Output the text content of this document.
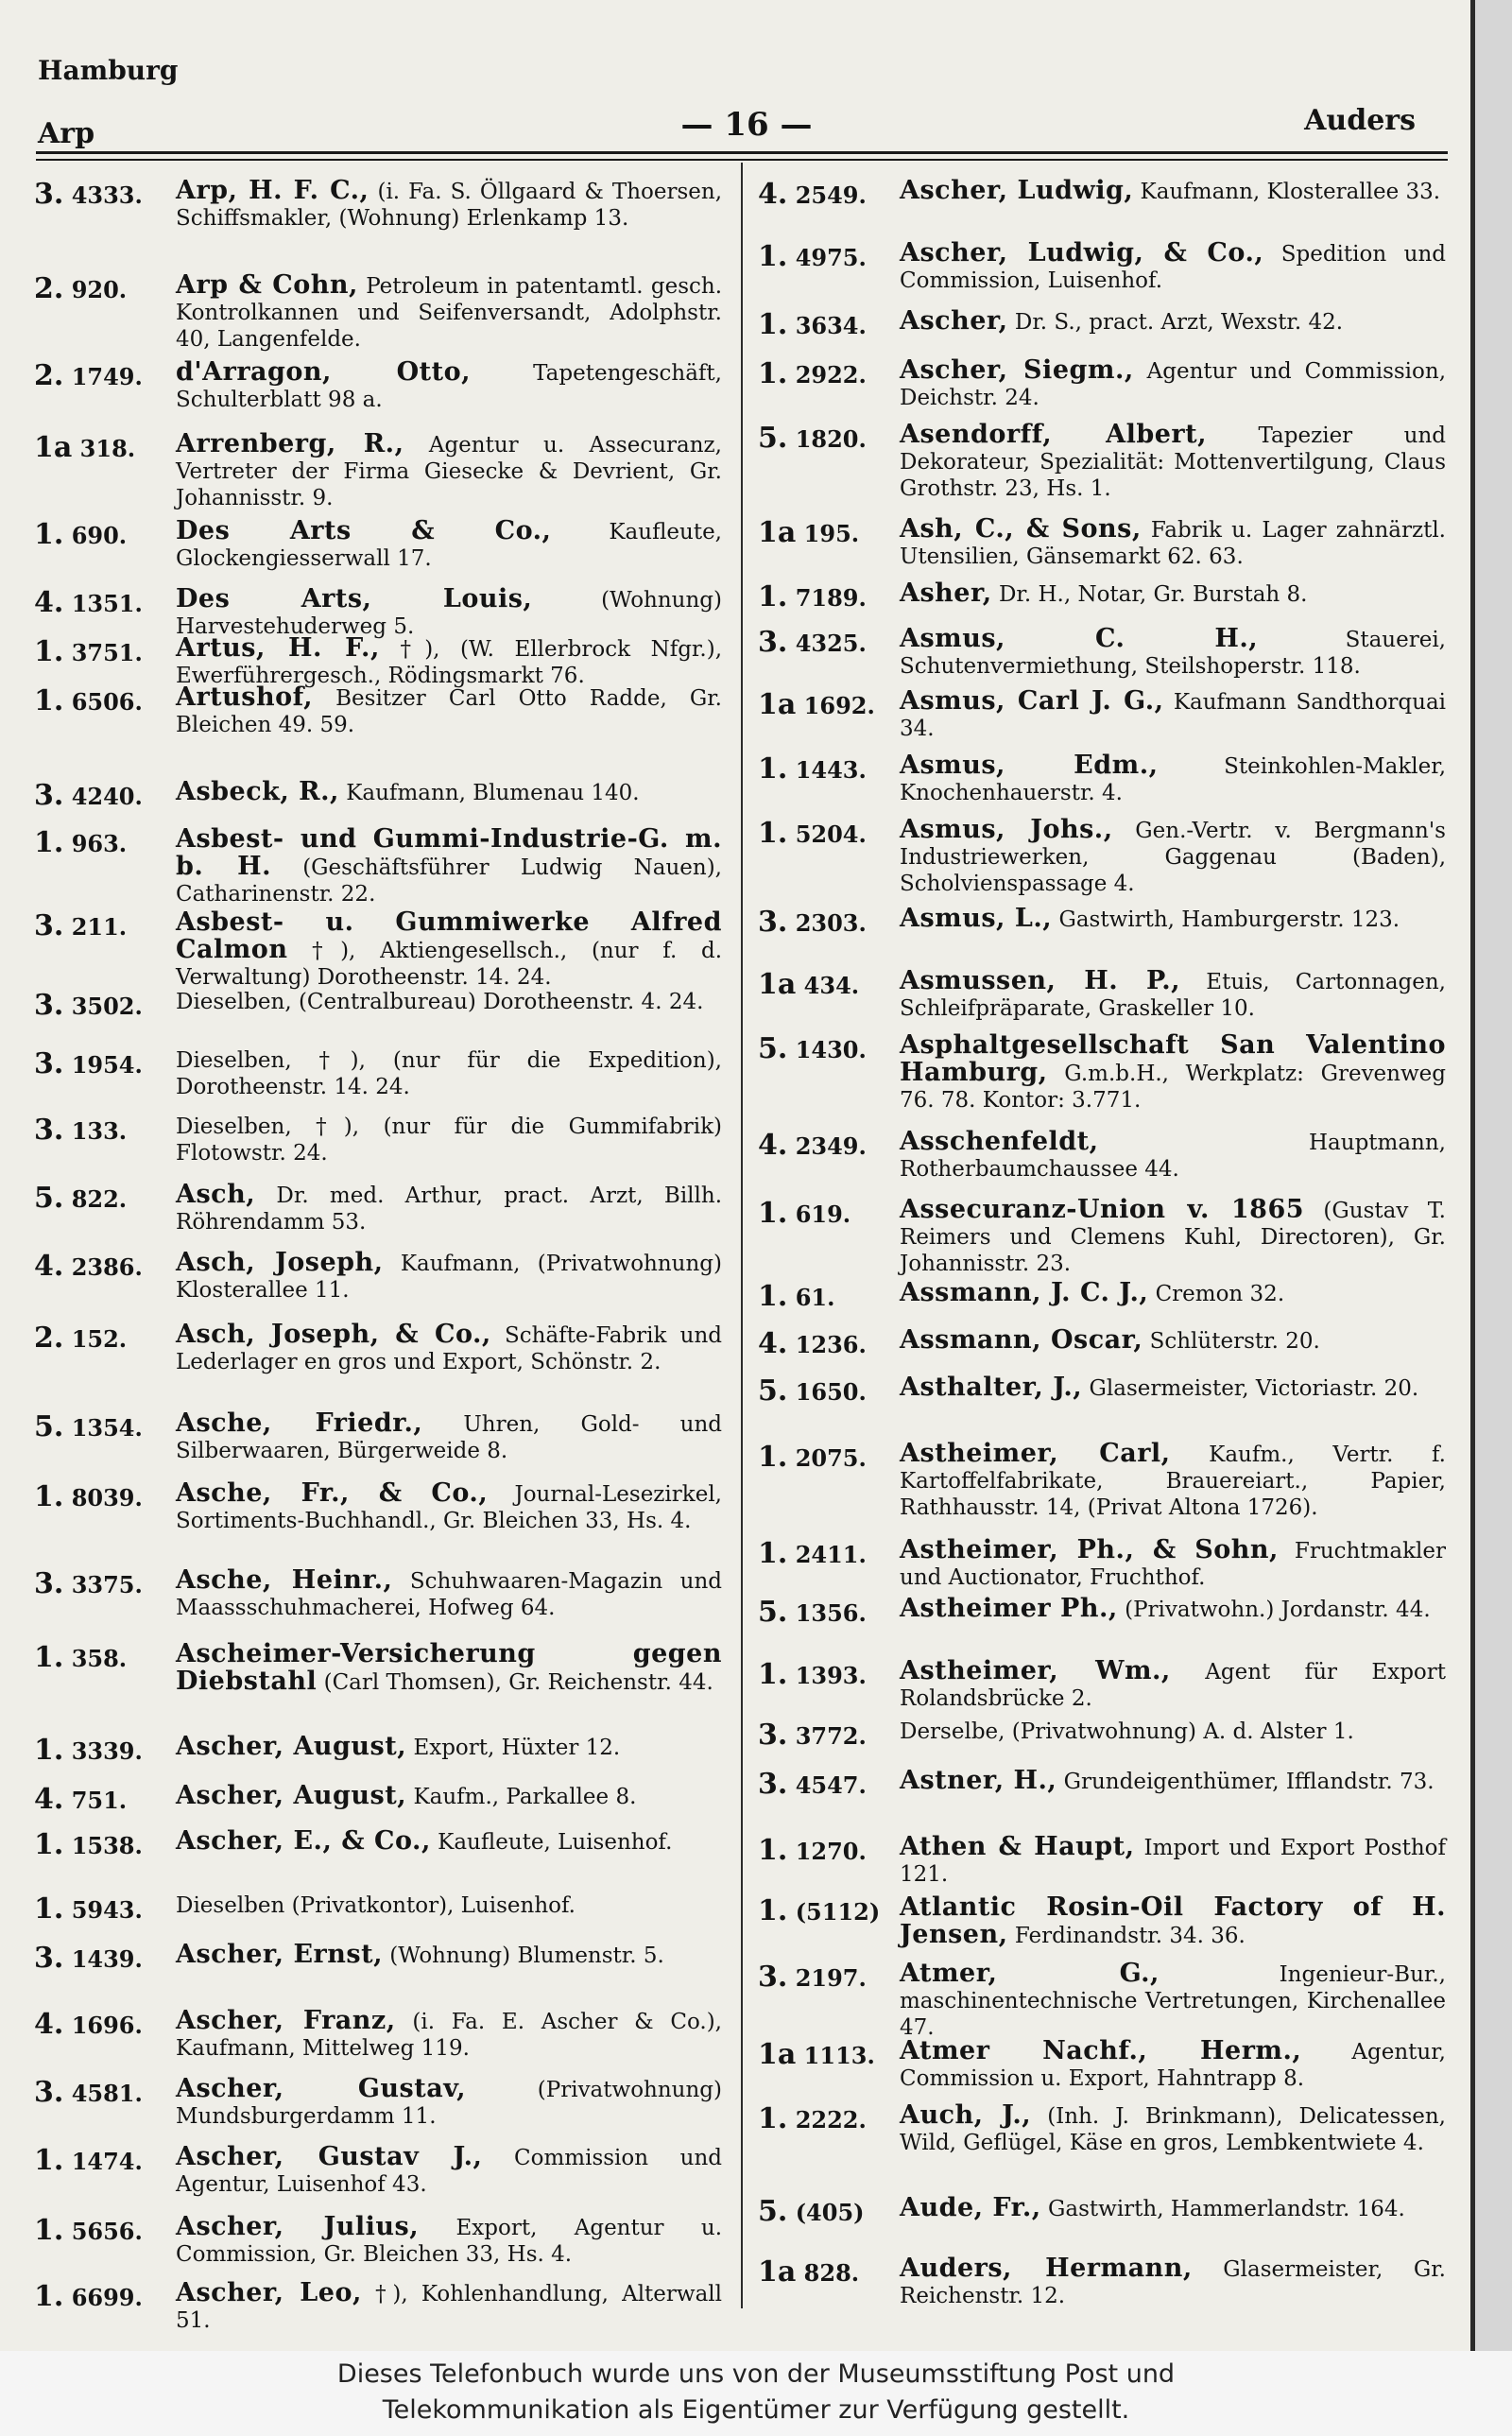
Hamburg
Arp	— 16 —	Auders
3. 4333.	Arp, H. F. C., (i. Fa. S. Öllgaard & Thoersen, Schiffsmakler, (Wohnung) Erlenkamp 13.
2. 920.	Arp & Cohn, Petroleum in patentamtl. gesch. Kontrolkannen und Seifenversandt, Adolphstr. 40, Langenfelde.
2. 1749.	d'Arragon, Otto,	Tapetengeschäft, Schulterblatt 98 a.
1a 318.	Arrenberg, R., Agentur u. Assecuranz, Vertreter der Firma Giesecke & Devrient, Gr. Johannisstr. 9.
1. 690.	Des Arts & Co.,	Kaufleute, Glockengiesserwall 17.
4. 1351.	Des Arts, Louis,	(Wohnung) Harvestehuderweg 5.
1. 3751.	Artus, H. F., †), (W. Ellerbrock Nfgr.), Ewerführergesch., Rödingsmarkt 76.
1. 6506.	Artushof, Besitzer Carl Otto Radde, Gr. Bleichen 49. 59.
3. 4240.	Asbeck, R., Kaufmann, Blumenau 140.
1. 963.	Asbest- und Gummi-Industrie-G. m. b. H. (Geschäftsführer Ludwig Nauen), Catharinenstr. 22.
3. 211.	Asbest- u. Gummiwerke Alfred Calmon †), Aktiengesellsch., (nur f. d. Verwaltung) Dorotheenstr. 14. 24.
3. 3502.	Dieselben, (Centralbureau) Dorotheenstr. 4. 24.
3. 1954.	Dieselben, †), (nur für die Expedition), Dorotheenstr. 14. 24.
3. 133.	Dieselben, †), (nur für die Gummifabrik) Flotowstr. 24.
5. 822.	Asch, Dr. med. Arthur, pract. Arzt, Billh. Röhrendamm 53.
4. 2386.	Asch, Joseph, Kaufmann, (Privatwohnung) Klosterallee 11.
2. 152.	Asch, Joseph, & Co., Schäfte-Fabrik und Lederlager en gros und Export, Schönstr. 2.
5. 1354.	Asche, Friedr., Uhren, Gold- und Silberwaaren, Bürgerweide 8.
1. 8039.	Asche, Fr., & Co., Journal-Lesezirkel, Sortiments-Buchhandl., Gr. Bleichen 33, Hs. 4.
3. 3375.	Asche, Heinr., Schuhwaaren-Magazin und Maassschuhmacherei, Hofweg 64.
1. 358.	Ascheimer-Versicherung gegen Diebstahl (Carl Thomsen), Gr. Reichenstr. 44.
1. 3339.	Ascher, August, Export, Hüxter 12.
4. 751.	Ascher, August, Kaufm., Parkallee 8.
1. 1538.	Ascher, E., & Co., Kaufleute, Luisenhof.
1. 5943.	Dieselben (Privatkontor), Luisenhof.
3. 1439.	Ascher, Ernst, (Wohnung) Blumenstr. 5.
4. 1696.	Ascher, Franz, (i. Fa. E. Ascher & Co.), Kaufmann, Mittelweg 119.
3. 4581.	Ascher, Gustav,	(Privatwohnung) Mundsburgerdamm 11.
1. 1474.	Ascher, Gustav J., Commission und Agentur, Luisenhof 43.
1. 5656.	Ascher, Julius, Export, Agentur u. Commission, Gr. Bleichen 33, Hs. 4.
1. 6699.	Ascher, Leo, †), Kohlenhandlung, Alterwall 51.
4. 2549.	Ascher, Ludwig, Kaufmann, Klosterallee 33.
1. 4975.	Ascher, Ludwig, & Co., Spedition und Commission, Luisenhof.
1. 3634.	Ascher, Dr. S., pract. Arzt, Wexstr. 42.
1. 2922.	Ascher, Siegm., Agentur und Commission, Deichstr. 24.
5. 1820.	Asendorff, Albert, Tapezier und Dekorateur, Spezialität: Mottenvertilgung, Claus Grothstr. 23, Hs. 1.
1a 195.	Ash, C., & Sons, Fabrik u. Lager zahnärztl. Utensilien, Gänsemarkt 62. 63.
1. 7189.	Asher, Dr. H., Notar, Gr. Burstah 8.
3. 4325.	Asmus, C. H.,	Stauerei, Schutenvermiethung, Steilshoperstr. 118.
1a 1692. Asmus, Carl J. G., Kaufmann Sandthorquai 34.
1. 1443.	Asmus, Edm.,	Steinkohlen-Makler, Knochenhauerstr. 4.
1. 5204.	Asmus, Johs., Gen.-Vertr. v. Bergmann's Industriewerken, Gaggenau (Baden), Scholvienspassage 4.
3. 2303.	Asmus, L., Gastwirth, Hamburgerstr. 123.
1a 434.	Asmussen, H. P., Etuis, Cartonnagen, Schleifpräparate, Graskeller 10.
5. 1430.	Asphaltgesellschaft San Valentino Hamburg, G.m.b.H., Werkplatz: Grevenweg 76. 78. Kontor: 3.771.
4. 2349.	Asschenfeldt,	Hauptmann, Rotherbaumchaussee 44.
1. 619.	Assecuranz-Union v. 1865 (Gustav T. Reimers und Clemens Kuhl, Directoren), Gr. Johannisstr. 23.
1. 61.	Assmann, J. C. J., Cremon 32.
4. 1236.	Assmann, Oscar, Schlüterstr. 20.
5. 1650.	Asthalter, J., Glasermeister, Victoriastr. 20.
1. 2075.	Astheimer, Carl, Kaufm., Vertr. f. Kartoffelfabrikate, Brauereiart., Papier, Rathhausstr. 14, (Privat Altona 1726).
1. 2411.	Astheimer, Ph., & Sohn, Fruchtmakler und Auctionator, Fruchthof.
5. 1356.	Astheimer Ph., (Privatwohn.) Jordanstr. 44.
1. 1393.	Astheimer, Wm., Agent für Export Rolandsbrücke 2.
3. 3772.	Derselbe, (Privatwohnung) A. d. Alster 1.
3. 4547.	Astner, H., Grundeigenthümer, Ifflandstr. 73.
1. 1270.	Athen & Haupt, Import und Export Posthof 121.
1. (5112) Atlantic Rosin-Oil Factory of H. Jensen, Ferdinandstr. 34. 36.
3. 2197.	Atmer, G.,	Ingenieur-Bur., maschinentechnische Vertretungen, Kirchenallee 47.
1a 1113. Atmer Nachf., Herm., Agentur, Commission u. Export, Hahntrapp 8.
1. 2222.	Auch, J., (Inh. J. Brinkmann), Delicatessen, Wild, Geflügel, Käse en gros, Lembkentwiete 4.
5. (405)	Aude, Fr., Gastwirth, Hammerlandstr. 164.
1a 828.	Auders, Hermann, Glasermeister, Gr. Reichenstr. 12.
Dieses Telefonbuch wurde uns von der Museumsstiftung Post und
Telekommunikation als Eigentümer zur Verfügung gestellt.
